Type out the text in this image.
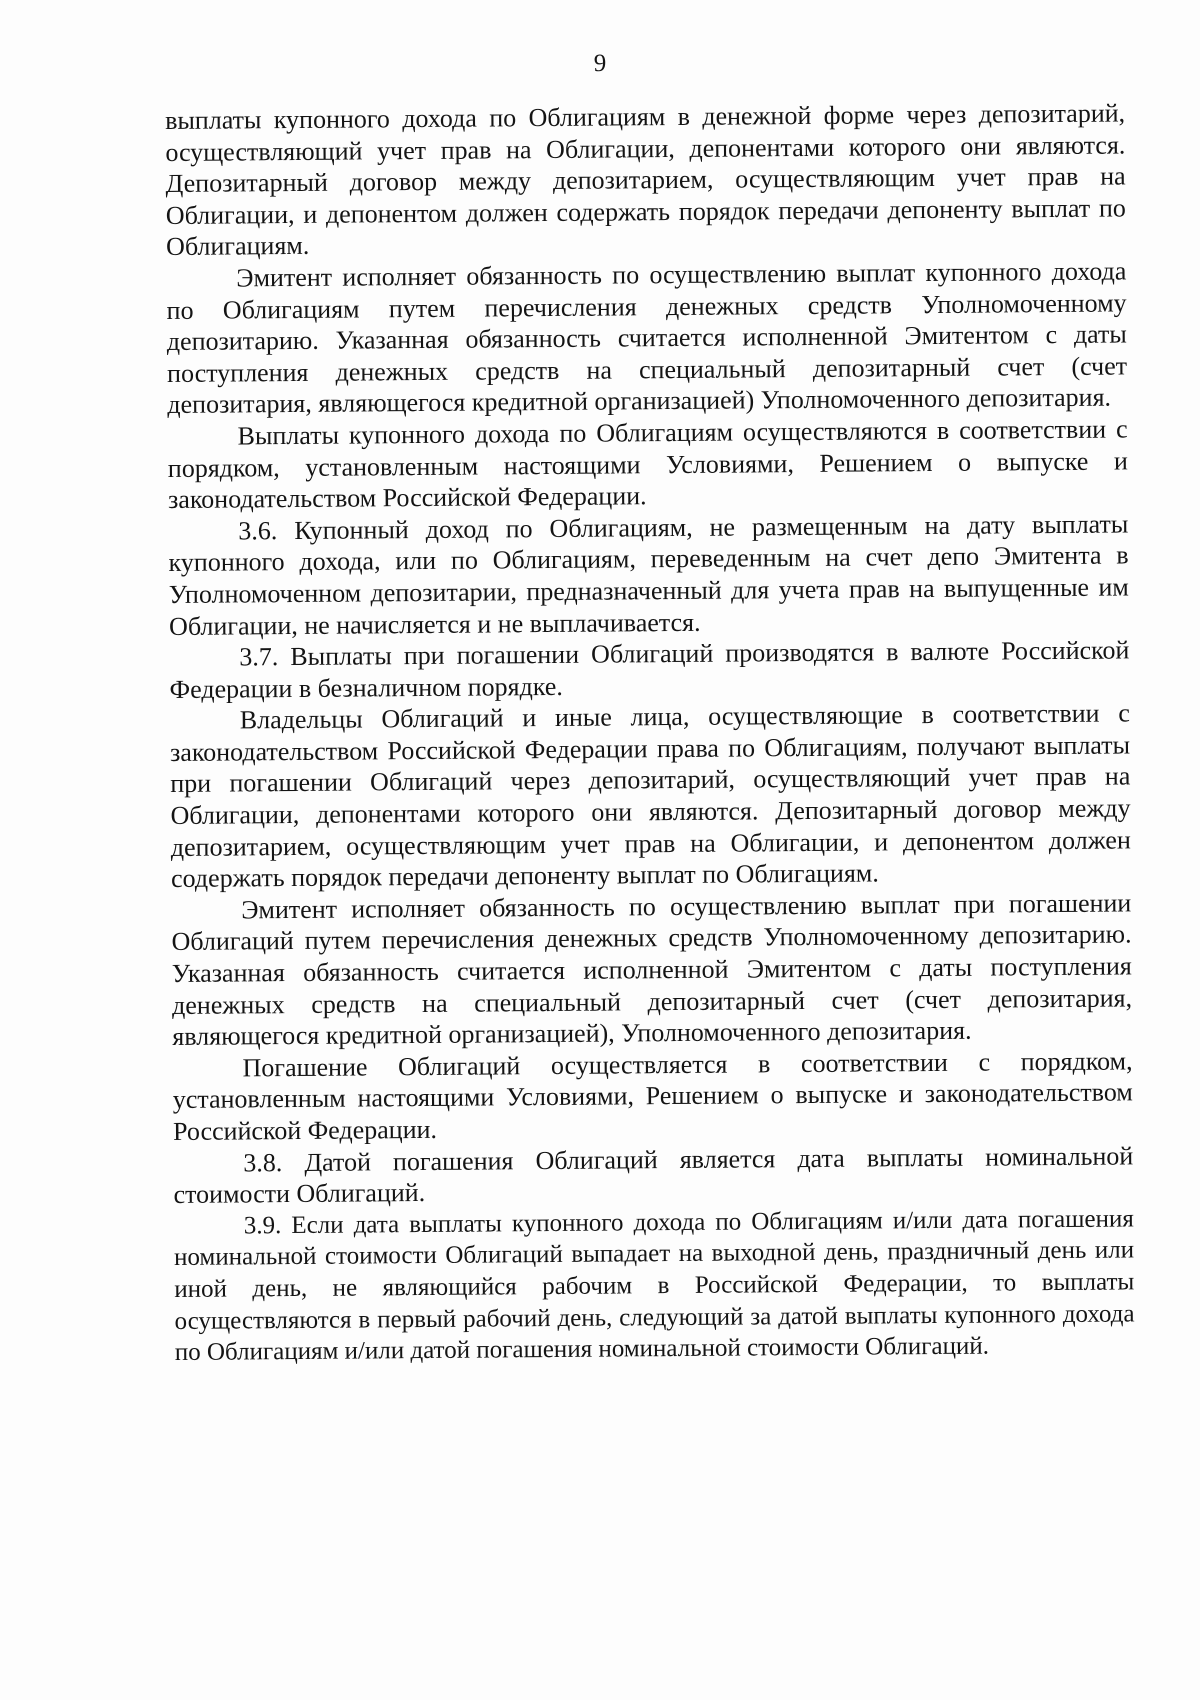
9

выплаты купонного дохода по Облигациям в денежной форме через депозитарий, осуществляющий учет прав на Облигации, депонентами которого они являются. Депозитарный договор между депозитарием, осуществляющим учет прав на Облигации, и депонентом должен содержать порядок передачи депоненту выплат по Облигациям.

Эмитент исполняет обязанность по осуществлению выплат купонного дохода по Облигациям путем перечисления денежных средств Уполномоченному депозитарию. Указанная обязанность считается исполненной Эмитентом с даты поступления денежных средств на специальный депозитарный счет (счет депозитария, являющегося кредитной организацией) Уполномоченного депозитария.

Выплаты купонного дохода по Облигациям осуществляются в соответствии с порядком, установленным настоящими Условиями, Решением о выпуске и законодательством Российской Федерации.

3.6. Купонный доход по Облигациям, не размещенным на дату выплаты купонного дохода, или по Облигациям, переведенным на счет депо Эмитента в Уполномоченном депозитарии, предназначенный для учета прав на выпущенные им Облигации, не начисляется и не выплачивается.

3.7. Выплаты при погашении Облигаций производятся в валюте Российской Федерации в безналичном порядке.

Владельцы Облигаций и иные лица, осуществляющие в соответствии с законодательством Российской Федерации права по Облигациям, получают выплаты при погашении Облигаций через депозитарий, осуществляющий учет прав на Облигации, депонентами которого они являются. Депозитарный договор между депозитарием, осуществляющим учет прав на Облигации, и депонентом должен содержать порядок передачи депоненту выплат по Облигациям.

Эмитент исполняет обязанность по осуществлению выплат при погашении Облигаций путем перечисления денежных средств Уполномоченному депозитарию. Указанная обязанность считается исполненной Эмитентом с даты поступления денежных средств на специальный депозитарный счет (счет депозитария, являющегося кредитной организацией), Уполномоченного депозитария.

Погашение Облигаций осуществляется в соответствии с порядком, установленным настоящими Условиями, Решением о выпуске и законодательством Российской Федерации.

3.8. Датой погашения Облигаций является дата выплаты номинальной стоимости Облигаций.

3.9. Если дата выплаты купонного дохода по Облигациям и/или дата погашения номинальной стоимости Облигаций выпадает на выходной день, праздничный день или иной день, не являющийся рабочим в Российской Федерации, то выплаты осуществляются в первый рабочий день, следующий за датой выплаты купонного дохода по Облигациям и/или датой погашения номинальной стоимости Облигаций.
